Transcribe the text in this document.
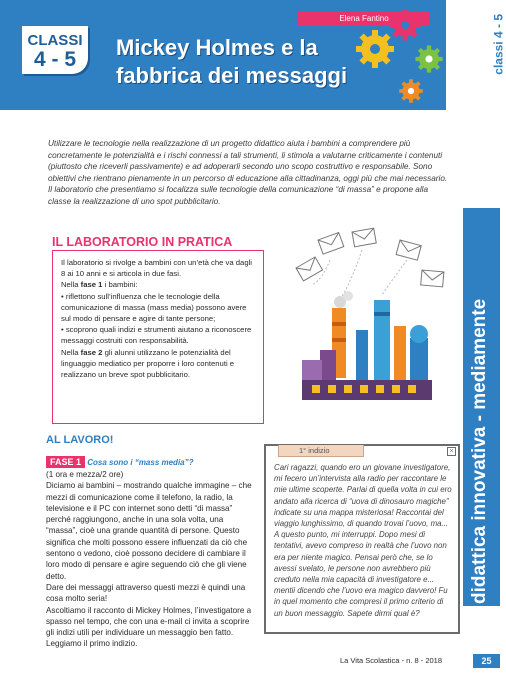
Elena Fantino
CLASSI
4 - 5	Mickey Holmes e la
fabbrica dei messaggi
classi 4 - 5
Utilizzare le tecnologie nella realizzazione di un progetto didattico aiuta i bambini a comprendere più concretamente le potenzialità e i rischi connessi a tali strumenti, li stimola a valutarne criticamente i contenuti (piuttosto che riceverli passivamente) e ad adoperarli secondo uno scopo costruttivo e responsabile. Sono obiettivi che rientrano pienamente in un percorso di educazione alla cittadinanza, oggi più che mai necessario. Il laboratorio che presentiamo si focalizza sulle tecnologie della comunicazione “di massa” e propone alla classe la realizzazione di uno spot pubblicitario.
didattica innovativa - mediamente
IL LABORATORIO IN PRATICA
Il laboratorio si rivolge a bambini con un’età che va dagli 8 ai 10 anni e si articola in due fasi.
Nella fase 1 i bambini:
• riflettono sull’influenza che le tecnologie della comunicazione di massa (mass media) possono avere sul modo di pensare e agire di tante persone;
• scoprono quali indizi e strumenti aiutano a riconoscere messaggi costruiti con responsabilità.
Nella fase 2 gli alunni utilizzano le potenzialità del linguaggio mediatico per proporre i loro contenuti e realizzano un breve spot pubblicitario.
AL LAVORO!
FASE 1 Cosa sono i “mass media”?
(1 ora e mezza/2 ore)
Diciamo ai bambini – mostrando qualche immagine – che mezzi di comunicazione come il telefono, la radio, la televisione e il PC con internet sono detti “di massa” perché raggiungono, anche in una sola volta, una “massa”, cioè una grande quantità di persone. Questo significa che molti possono essere influenzati da ciò che sentono o vedono, cioè possono decidere di cambiare il loro modo di pensare e agire seguendo ciò che gli viene detto.
Dare dei messaggi attraverso questi mezzi è quindi una cosa molto seria!
Ascoltiamo il racconto di Mickey Holmes, l’investigatore a spasso nel tempo, che con una e-mail ci invita a scoprire gli indizi utili per individuare un messaggio ben fatto. Leggiamo il primo indizio.
1° indizio	×
Cari ragazzi, quando ero un giovane investigatore, mi fecero un’intervista alla radio per raccontare le mie ultime scoperte. Parlai di quella volta in cui ero andato alla ricerca di “uova di dinosauro magiche” indicate su una mappa misteriosa! Raccontai del viaggio lunghissimo, di quando trovai l’uovo, ma... A questo punto, mi interruppi. Dopo mesi di tentativi, avevo compreso in realtà che l’uovo non era per niente magico. Pensai però che, se lo avessi svelato, le persone non avrebbero più creduto nella mia capacità di investigatore e... mentii dicendo che l’uovo era magico davvero! Fu in quel momento che compresi il primo criterio di un buon messaggio. Sapete dirmi qual è?
La Vita Scolastica - n. 8 - 2018	25
